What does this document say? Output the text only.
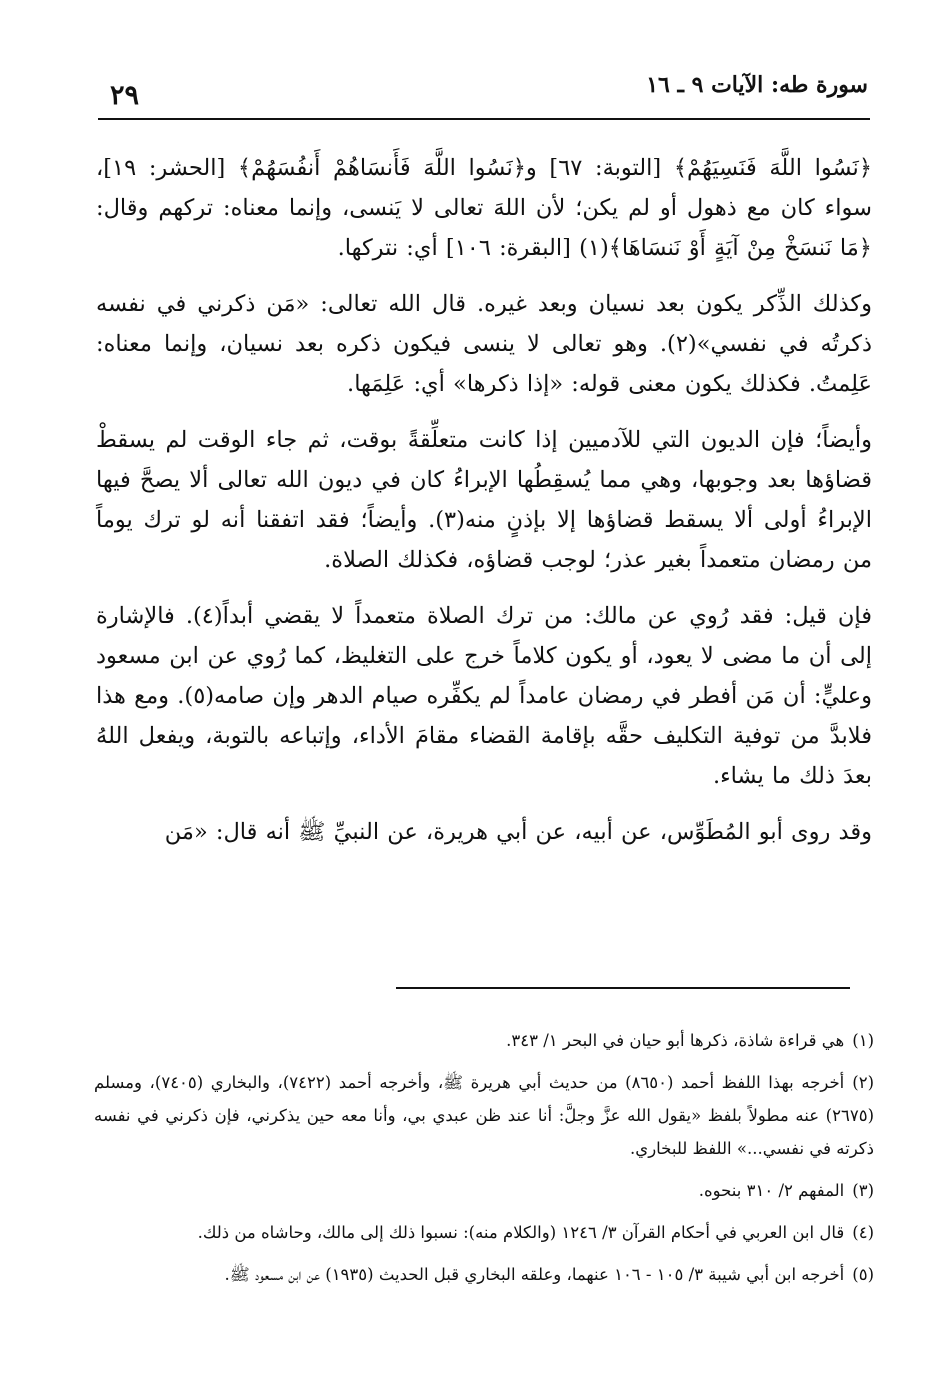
سورة طه: الآيات ٩ ـ ١٦
٢٩

﴿نَسُوا اللَّهَ فَنَسِيَهُمْ﴾ [التوبة: ٦٧] و﴿نَسُوا اللَّهَ فَأَنسَاهُمْ أَنفُسَهُمْ﴾ [الحشر: ١٩]، سواء كان مع ذهول أو لم يكن؛ لأن اللهَ تعالى لا يَنسى، وإنما معناه: تركهم وقال: ﴿مَا نَنسَخْ مِنْ آيَةٍ أَوْ نَنسَاهَا﴾(١) [البقرة: ١٠٦] أي: نتركها.

وكذلك الذِّكر يكون بعد نسيان وبعد غيره. قال الله تعالى: «مَن ذكرني في نفسه ذكرتُه في نفسي»(٢). وهو تعالى لا ينسى فيكون ذكره بعد نسيان، وإنما معناه: عَلِمتُ. فكذلك يكون معنى قوله: «إذا ذكرها» أي: عَلِمَها.

وأيضاً؛ فإن الديون التي للآدميين إذا كانت متعلِّقةً بوقت، ثم جاء الوقت لم يسقطْ قضاؤها بعد وجوبها، وهي مما يُسقِطُها الإبراءُ كان في ديون الله تعالى ألا يصحَّ فيها الإبراءُ أولى ألا يسقط قضاؤها إلا بإذنٍ منه(٣). وأيضاً؛ فقد اتفقنا أنه لو ترك يوماً من رمضان متعمداً بغير عذر؛ لوجب قضاؤه، فكذلك الصلاة.

فإن قيل: فقد رُوي عن مالك: من ترك الصلاة متعمداً لا يقضي أبداً(٤). فالإشارة إلى أن ما مضى لا يعود، أو يكون كلاماً خرج على التغليظ، كما رُوي عن ابن مسعود وعليٍّ: أن مَن أفطر في رمضان عامداً لم يكفِّره صيام الدهر وإن صامه(٥). ومع هذا فلابدَّ من توفية التكليف حقَّه بإقامة القضاء مقامَ الأداء، وإتباعه بالتوبة، ويفعل اللهُ بعدَ ذلك ما يشاء.

وقد روى أبو المُطَوِّس، عن أبيه، عن أبي هريرة، عن النبيِّ ﷺ أنه قال: «مَن

(١)هي قراءة شاذة، ذكرها أبو حيان في البحر ١/ ٣٤٣.

(٢)أخرجه بهذا اللفظ أحمد (٨٦٥٠) من حديث أبي هريرة ﷺ، وأخرجه أحمد (٧٤٢٢)، والبخاري (٧٤٠٥)، ومسلم (٢٦٧٥) عنه مطولاً بلفظ «يقول الله عزَّ وجلَّ: أنا عند ظن عبدي بي، وأنا معه حين يذكرني، فإن ذكرني في نفسه ذكرته في نفسي...» اللفظ للبخاري.

(٣)المفهم ٢/ ٣١٠ بنحوه.

(٤)قال ابن العربي في أحكام القرآن ٣/ ١٢٤٦ (والكلام منه): نسبوا ذلك إلى مالك، وحاشاه من ذلك.

(٥)أخرجه ابن أبي شيبة ٣/ ١٠٥ - ١٠٦ عنهما، وعلقه البخاري قبل الحديث (١٩٣٥) عن ابن مسعود ﷺ.
